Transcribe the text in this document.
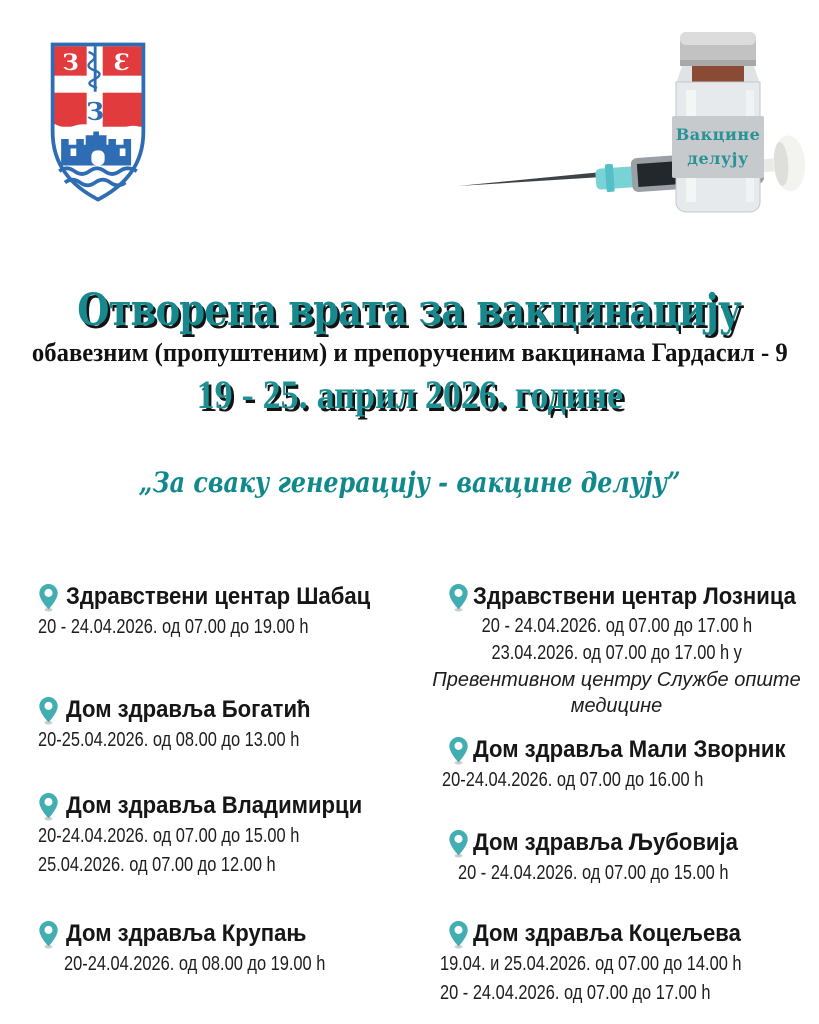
З З
З
Вакцине
делују
Отворена врата за вакцинацију
обавезним (пропуштеним) и препорученим вакцинама Гардасил - 9
19 - 25. април 2026. године
„За сваку генерацију - вакцине делују”
Здравствени центар Шабац
20 - 24.04.2026. од 07.00 до 19.00 h
Дом здравља Богатић
20-25.04.2026. од 08.00 до 13.00 h
Дом здравља Владимирци
20-24.04.2026. од 07.00 до 15.00 h
25.04.2026. од 07.00 до 12.00 h
Дом здравља Крупањ
20-24.04.2026. од 08.00 до 19.00 h
Здравствени центар Лозница
20 - 24.04.2026. од 07.00 до 17.00 h
23.04.2026. од 07.00 до 17.00 h у
Превентивном центру Службе опште медицине
Дом здравља Мали Зворник
20-24.04.2026. од 07.00 до 16.00 h
Дом здравља Љубовија
20 - 24.04.2026. од 07.00 до 15.00 h
Дом здравља Коцељева
19.04. и 25.04.2026. од 07.00 до 14.00 h
20 - 24.04.2026. од 07.00 до 17.00 h
